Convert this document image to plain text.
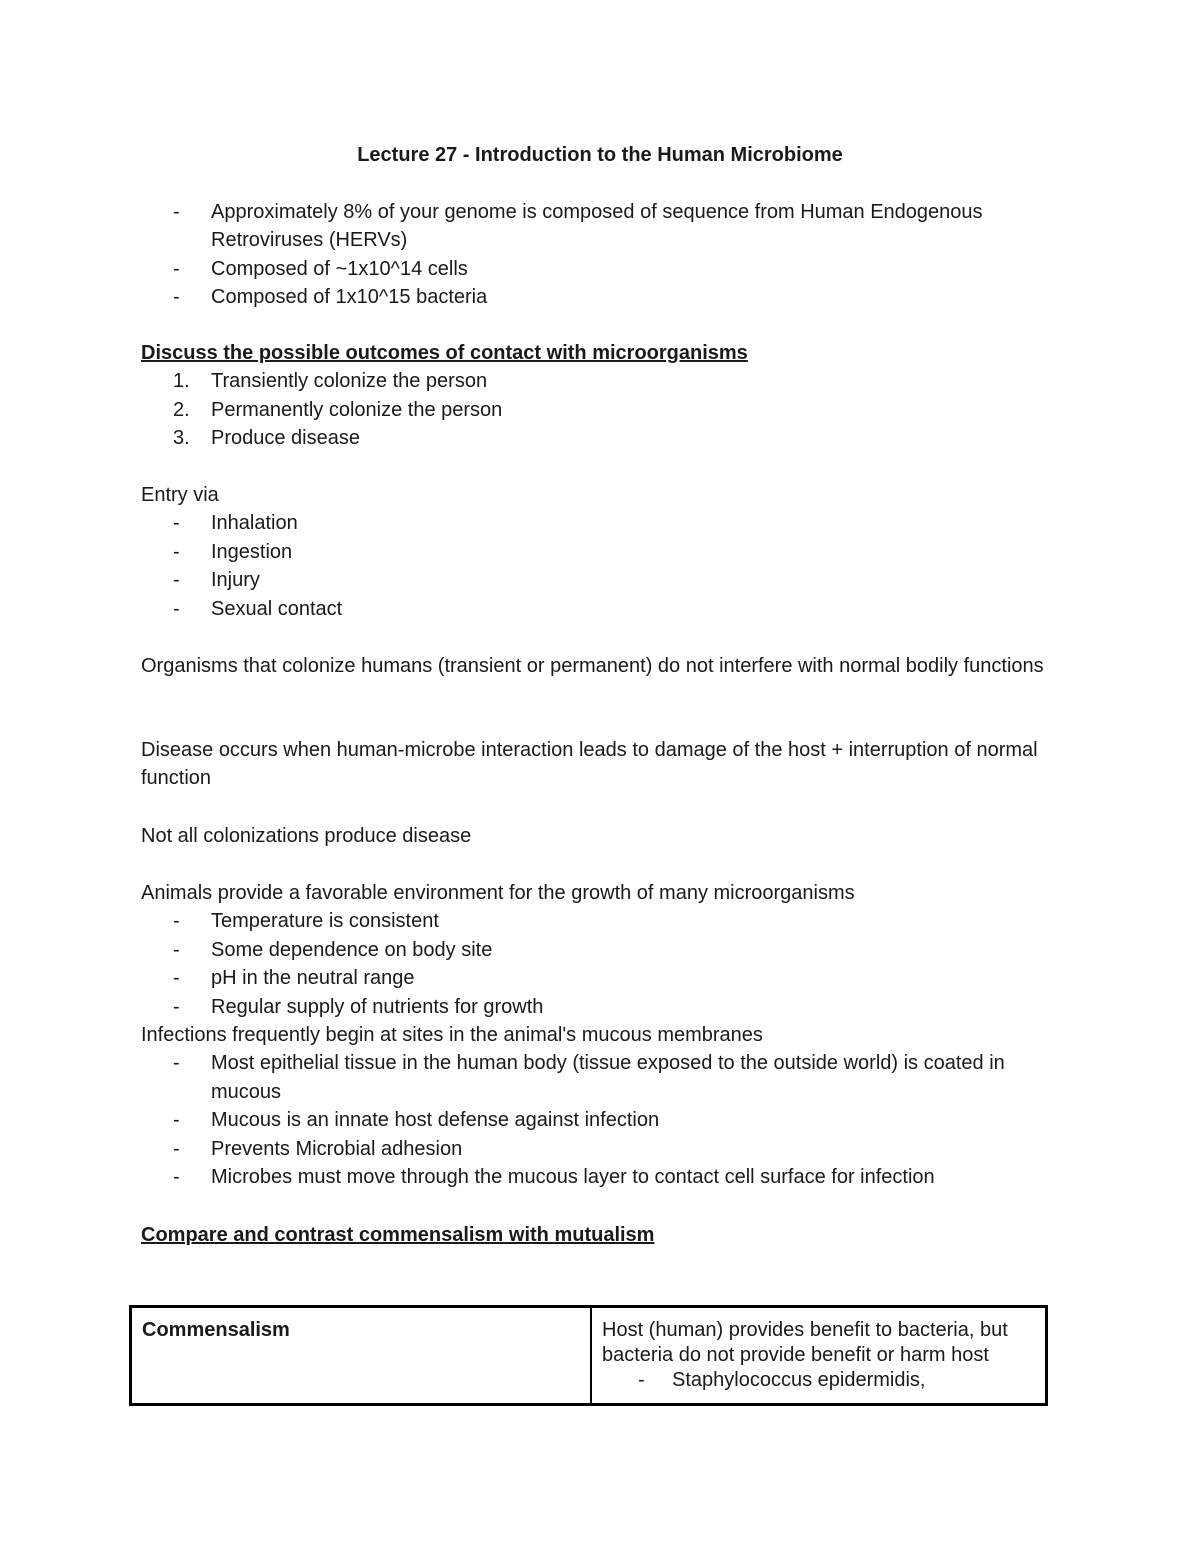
Lecture 27 - Introduction to the Human Microbiome
-	Approximately 8% of your genome is composed of sequence from Human Endogenous Retroviruses (HERVs)
-	Composed of ~1x10^14 cells
-	Composed of 1x10^15 bacteria

Discuss the possible outcomes of contact with microorganisms

1.	Transiently colonize the person
2.	Permanently colonize the person
3.	Produce disease

Entry via

-	Inhalation
-	Ingestion
-	Injury
-	Sexual contact

Organisms that colonize humans (transient or permanent) do not interfere with normal bodily functions

Disease occurs when human-microbe interaction leads to damage of the host + interruption of normal function

Not all colonizations produce disease

Animals provide a favorable environment for the growth of many microorganisms

-	Temperature is consistent
-	Some dependence on body site
-	pH in the neutral range
-	Regular supply of nutrients for growth

Infections frequently begin at sites in the animal's mucous membranes

-	Most epithelial tissue in the human body (tissue exposed to the outside world) is coated in mucous
-	Mucous is an innate host defense against infection
-	Prevents Microbial adhesion
-	Microbes must move through the mucous layer to contact cell surface for infection

Compare and contrast commensalism with mutualism

Commensalism	Host (human) provides benefit to bacteria, but bacteria do not provide benefit or harm host
- Staphylococcus epidermidis,
